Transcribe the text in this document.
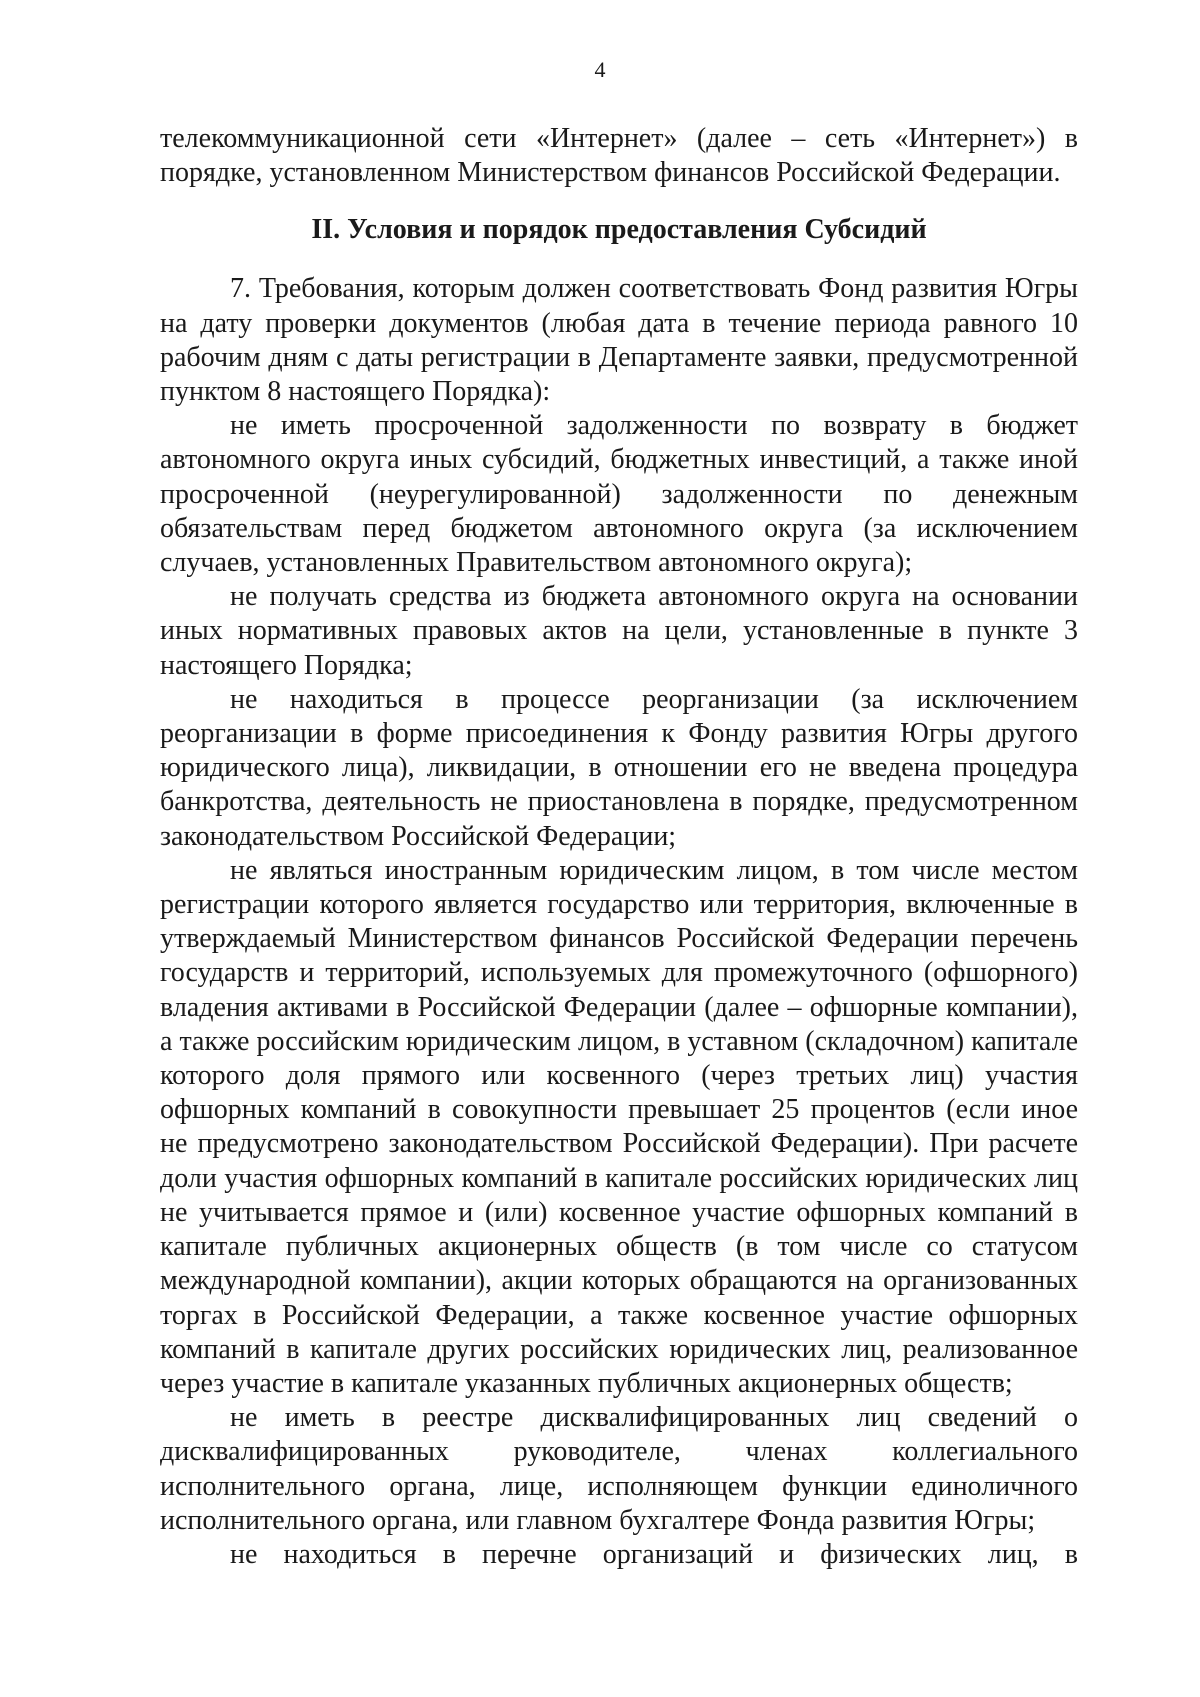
4

телекоммуникационной сети «Интернет» (далее – сеть «Интернет») в порядке, установленном Министерством финансов Российской Федерации.

II. Условия и порядок предоставления Субсидий

7. Требования, которым должен соответствовать Фонд развития Югры на дату проверки документов (любая дата в течение периода равного 10 рабочим дням с даты регистрации в Департаменте заявки, предусмотренной пунктом 8 настоящего Порядка):

не иметь просроченной задолженности по возврату в бюджет автономного округа иных субсидий, бюджетных инвестиций, а также иной просроченной (неурегулированной) задолженности по денежным обязательствам перед бюджетом автономного округа (за исключением случаев, установленных Правительством автономного округа);

не получать средства из бюджета автономного округа на основании иных нормативных правовых актов на цели, установленные в пункте 3 настоящего Порядка;

не находиться в процессе реорганизации (за исключением реорганизации в форме присоединения к Фонду развития Югры другого юридического лица), ликвидации, в отношении его не введена процедура банкротства, деятельность не приостановлена в порядке, предусмотренном законодательством Российской Федерации;

не являться иностранным юридическим лицом, в том числе местом регистрации которого является государство или территория, включенные в утверждаемый Министерством финансов Российской Федерации перечень государств и территорий, используемых для промежуточного (офшорного) владения активами в Российской Федерации (далее – офшорные компании), а также российским юридическим лицом, в уставном (складочном) капитале которого доля прямого или косвенного (через третьих лиц) участия офшорных компаний в совокупности превышает 25 процентов (если иное не предусмотрено законодательством Российской Федерации). При расчете доли участия офшорных компаний в капитале российских юридических лиц не учитывается прямое и (или) косвенное участие офшорных компаний в капитале публичных акционерных обществ (в том числе со статусом международной компании), акции которых обращаются на организованных торгах в Российской Федерации, а также косвенное участие офшорных компаний в капитале других российских юридических лиц, реализованное через участие в капитале указанных публичных акционерных обществ;

не иметь в реестре дисквалифицированных лиц сведений о дисквалифицированных руководителе, членах коллегиального исполнительного органа, лице, исполняющем функции единоличного исполнительного органа, или главном бухгалтере Фонда развития Югры;

не находиться в перечне организаций и физических лиц, в
